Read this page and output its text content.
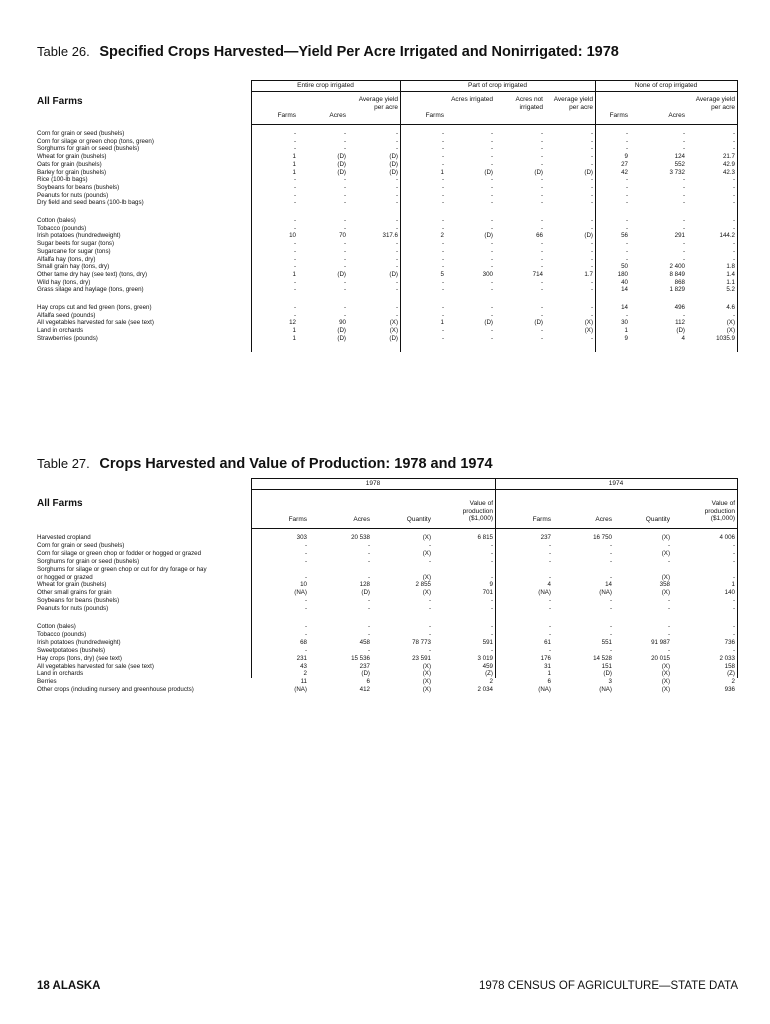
Table 26. Specified Crops Harvested—Yield Per Acre Irrigated and Nonirrigated: 1978
All Farms
Entire crop irrigated	Part of crop irrigated	None of crop irrigated
Farms	Acres
Average yield per acre
Farms
Acres irrigated	Acres not irrigated
Average yield per acre
Farms	Acres
Average yield per acre
Corn for grain or seed (bushels)	-	-	-	-	-	-	-	-	-	-
Corn for silage or green chop (tons, green)	-	-	-	-	-	-	-	-	-	-
Sorghums for grain or seed (bushels)	-	-	-	-	-	-	-	-	-	-
Wheat for grain (bushels)	1	(D)	(D)	-	-	-	-	9	124	21.7
Oats for grain (bushels)	1	(D)	(D)	-	-	-	-	27	552	42.9
Barley for grain (bushels)	1	(D)	(D)	1	(D)	(D)	(D)	42	3 732	42.3
Rice (100-lb bags)	-	-	-	-	-	-	-	-	-	-
Soybeans for beans (bushels)	-	-	-	-	-	-	-	-	-	-
Peanuts for nuts (pounds)	-	-	-	-	-	-	-	-	-	-
Dry field and seed beans (100-lb bags)	-	-	-	-	-	-	-	-	-	-
Cotton (bales)	-	-	-	-	-	-	-	-	-	-
Tobacco (pounds)	-	-	-	-	-	-	-	-	-	-
Irish potatoes (hundredweight)	10	70	317.6	2	(D)	66	(D)	56	291	144.2
Sugar beets for sugar (tons)	-	-	-	-	-	-	-	-	-	-
Sugarcane for sugar (tons)	-	-	-	-	-	-	-	-	-	-
Alfalfa hay (tons, dry)	-	-	-	-	-	-	-	-	-	-
Small grain hay (tons, dry)	-	-	-	-	-	-	-	50	2 400	1.8
Other tame dry hay (see text) (tons, dry)	1	(D)	(D)	5	300	714	1.7	180	8 849	1.4
Wild hay (tons, dry)	-	-	-	-	-	-	-	40	868	1.1
Grass silage and haylage (tons, green)	-	-	-	-	-	-	-	14	1 829	5.2
Hay crops cut and fed green (tons, green)	-	-	-	-	-	-	-	14	496	4.6
Alfalfa seed (pounds)	-	-	-	-	-	-	-	-	-	-
All vegetables harvested for sale (see text)	12	90	(X)	1	(D)	(D)	(X)	30	112	(X)
Land in orchards	1	(D)	(X)	-	-	-	(X)	1	(D)	(X)
Strawberries (pounds)	1	(D)	(D)	-	-	-	-	9	4	1035.9
Table 27. Crops Harvested and Value of Production: 1978 and 1974
All Farms
1978	1974
Farms	Acres	Quantity
Value of production ($1,000)	Farms	Acres	Quantity
Value of production ($1,000)
Harvested cropland	303	20 538	(X)	6 815	237	16 750	(X)	4 006
Corn for grain or seed (bushels)	-	-	-	-	-	-	-	-
Corn for silage or green chop or fodder or hogged or grazed	-	-	(X)	-	-	-	(X)	-
Sorghums for grain or seed (bushels)	-	-	-	-	-	-	-	-
Sorghums for silage or green chop or cut for dry forage or hay
or hogged or grazed	-	-	(X)	-	-	-	(X)	-
Wheat for grain (bushels)	10	128	2 855	9	4	14	358	1
Other small grains for grain	(NA)	(D)	(X)	701	(NA)	(NA)	(X)	140
Soybeans for beans (bushels)	-	-	-	-	-	-	-	-
Peanuts for nuts (pounds)	-	-	-	-	-	-	-	-
Cotton (bales)	-	-	-	-	-	-	-	-
Tobacco (pounds)	-	-	-	-	-	-	-	-
Irish potatoes (hundredweight)	68	458	78 773	591	61	551	91 987	736
Sweetpotatoes (bushels)	-	-	-	-	-	-	-	-
Hay crops (tons, dry) (see text)	231	15 536	23 591	3 019	176	14 528	20 015	2 033
All vegetables harvested for sale (see text)	43	237	(X)	459	31	151	(X)	158
Land in orchards	2	(D)	(X)	(Z)	1	(D)	(X)	(Z)
Berries	11	6	(X)	2	6	3	(X)	2
Other crops (including nursery and greenhouse products)	(NA)	412	(X)	2 034	(NA)	(NA)	(X)	936
18 ALASKA	1978 CENSUS OF AGRICULTURE—STATE DATA
